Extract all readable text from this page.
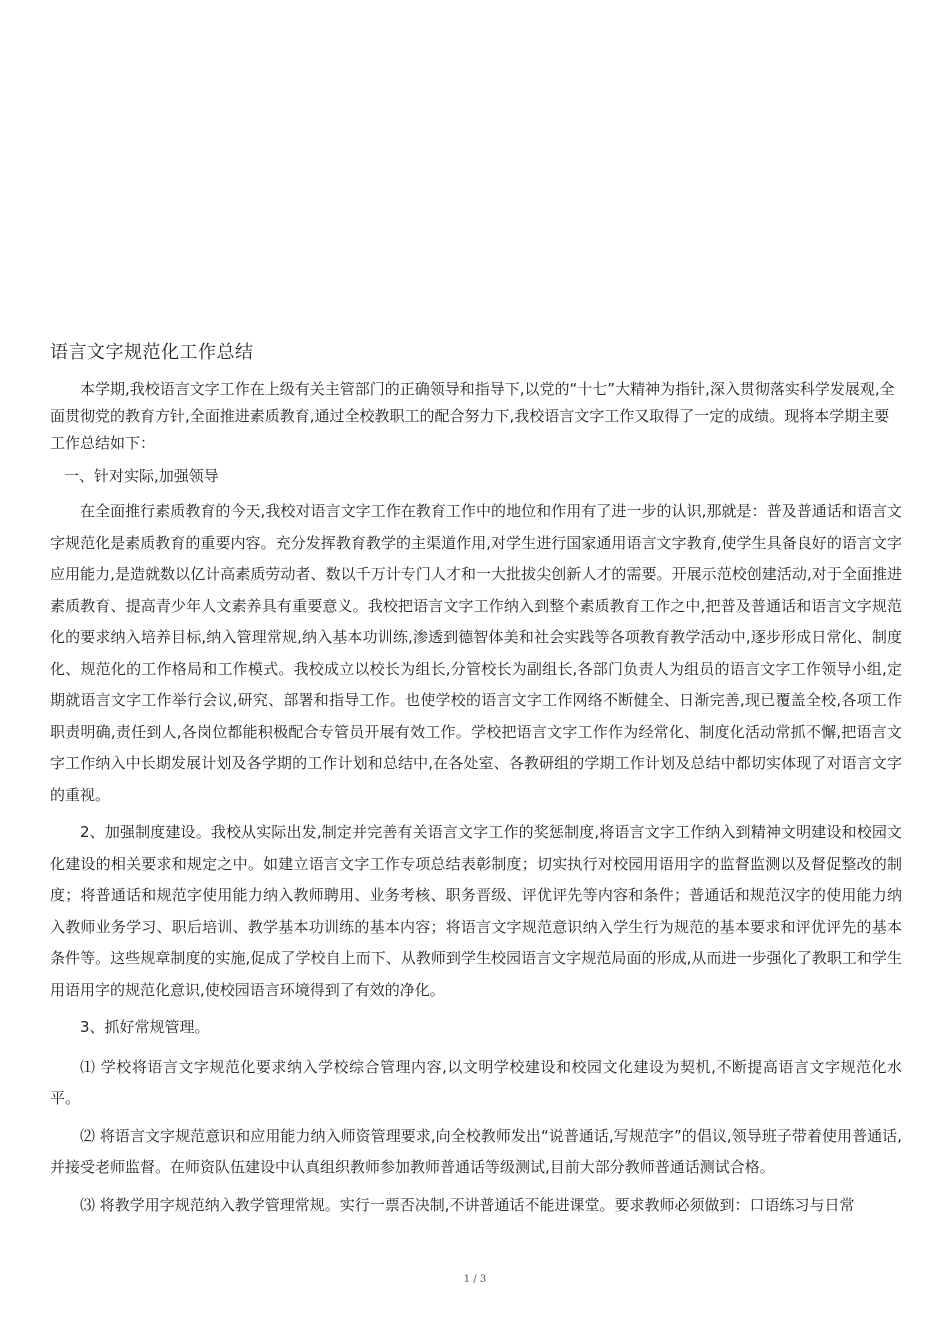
语言文字规范化工作总结

本学期,我校语言文字工作在上级有关主管部门的正确领导和指导下,以党的“十七”大精神为指针,深入贯彻落实科学发展观,全面贯彻党的教育方针,全面推进素质教育,通过全校教职工的配合努力下,我校语言文字工作又取得了一定的成绩。现将本学期主要工作总结如下：

一、针对实际,加强领导

在全面推行素质教育的今天,我校对语言文字工作在教育工作中的地位和作用有了进一步的认识,那就是：普及普通话和语言文字规范化是素质教育的重要内容。充分发挥教育教学的主渠道作用,对学生进行国家通用语言文字教育,使学生具备良好的语言文字应用能力,是造就数以亿计高素质劳动者、数以千万计专门人才和一大批拔尖创新人才的需要。开展示范校创建活动,对于全面推进素质教育、提高青少年人文素养具有重要意义。我校把语言文字工作纳入到整个素质教育工作之中,把普及普通话和语言文字规范化的要求纳入培养目标,纳入管理常规,纳入基本功训练,渗透到德智体美和社会实践等各项教育教学活动中,逐步形成日常化、制度化、规范化的工作格局和工作模式。我校成立以校长为组长,分管校长为副组长,各部门负责人为组员的语言文字工作领导小组,定期就语言文字工作举行会议,研究、部署和指导工作。也使学校的语言文字工作网络不断健全、日渐完善,现已覆盖全校,各项工作职责明确,责任到人,各岗位都能积极配合专管员开展有效工作。学校把语言文字工作作为经常化、制度化活动常抓不懈,把语言文字工作纳入中长期发展计划及各学期的工作计划和总结中,在各处室、各教研组的学期工作计划及总结中都切实体现了对语言文字的重视。

2、加强制度建设。我校从实际出发,制定并完善有关语言文字工作的奖惩制度,将语言文字工作纳入到精神文明建设和校园文化建设的相关要求和规定之中。如建立语言文字工作专项总结表彰制度；切实执行对校园用语用字的监督监测以及督促整改的制度；将普通话和规范字使用能力纳入教师聘用、业务考核、职务晋级、评优评先等内容和条件；普通话和规范汉字的使用能力纳入教师业务学习、职后培训、教学基本功训练的基本内容；将语言文字规范意识纳入学生行为规范的基本要求和评优评先的基本条件等。这些规章制度的实施,促成了学校自上而下、从教师到学生校园语言文字规范局面的形成,从而进一步强化了教职工和学生用语用字的规范化意识,使校园语言环境得到了有效的净化。

3、抓好常规管理。

⑴ 学校将语言文字规范化要求纳入学校综合管理内容,以文明学校建设和校园文化建设为契机,不断提高语言文字规范化水平。

⑵ 将语言文字规范意识和应用能力纳入师资管理要求,向全校教师发出“说普通话,写规范字”的倡议,领导班子带着使用普通话,并接受老师监督。在师资队伍建设中认真组织教师参加教师普通话等级测试,目前大部分教师普通话测试合格。

⑶ 将教学用字规范纳入教学管理常规。实行一票否决制,不讲普通话不能进课堂。要求教师必须做到：口语练习与日常

1 / 3
